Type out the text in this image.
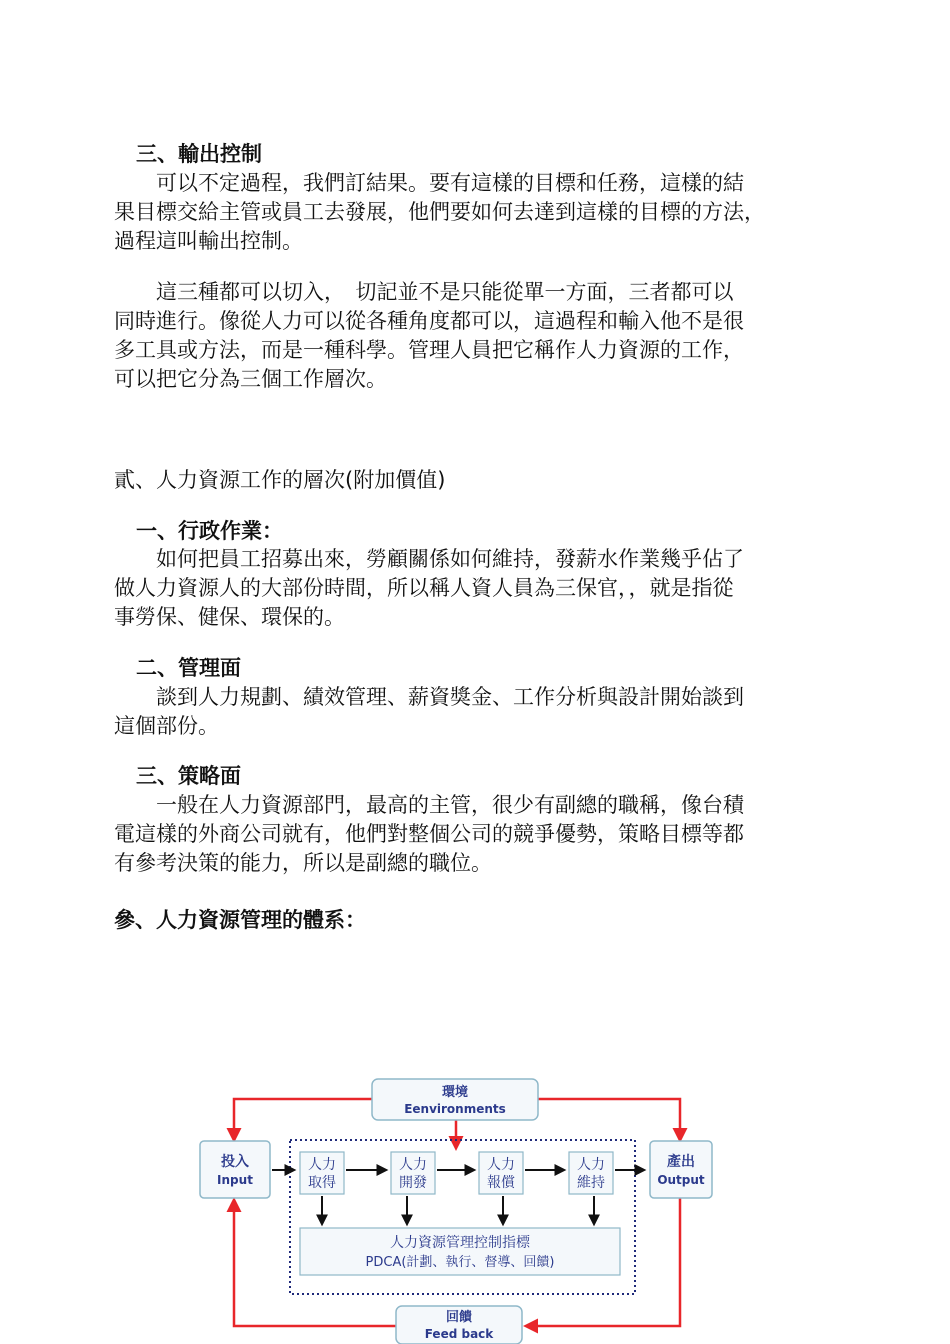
三、輸出控制

　　可以不定過程，我們訂結果。要有這樣的目標和任務，這樣的結
果目標交給主管或員工去發展，他們要如何去達到這樣的目標的方法，
過程這叫輸出控制。

　　這三種都可以切入，　切記並不是只能從單一方面，三者都可以
同時進行。像從人力可以從各種角度都可以，這過程和輸入他不是很
多工具或方法，而是一種科學。管理人員把它稱作人力資源的工作，
可以把它分為三個工作層次。

貳、人力資源工作的層次(附加價值)
一、行政作業：

　　如何把員工招募出來，勞顧關係如何維持，發薪水作業幾乎佔了
做人力資源人的大部份時間，所以稱人資人員為三保官，，就是指從
事勞保、健保、環保的。

二、管理面

　　談到人力規劃、績效管理、薪資獎金、工作分析與設計開始談到
這個部份。

三、策略面

　　一般在人力資源部門，最高的主管，很少有副總的職稱，像台積
電這樣的外商公司就有，他們對整個公司的競爭優勢，策略目標等都
有參考決策的能力，所以是副總的職位。

參、人力資源管理的體系：
環境
Eenvironments
投入
Input
產出
Output
回饋
Feed back
人力
取得
人力
開發
人力
報償
人力
維持
人力資源管理控制指標
PDCA(計劃、執行、督導、回饋)
